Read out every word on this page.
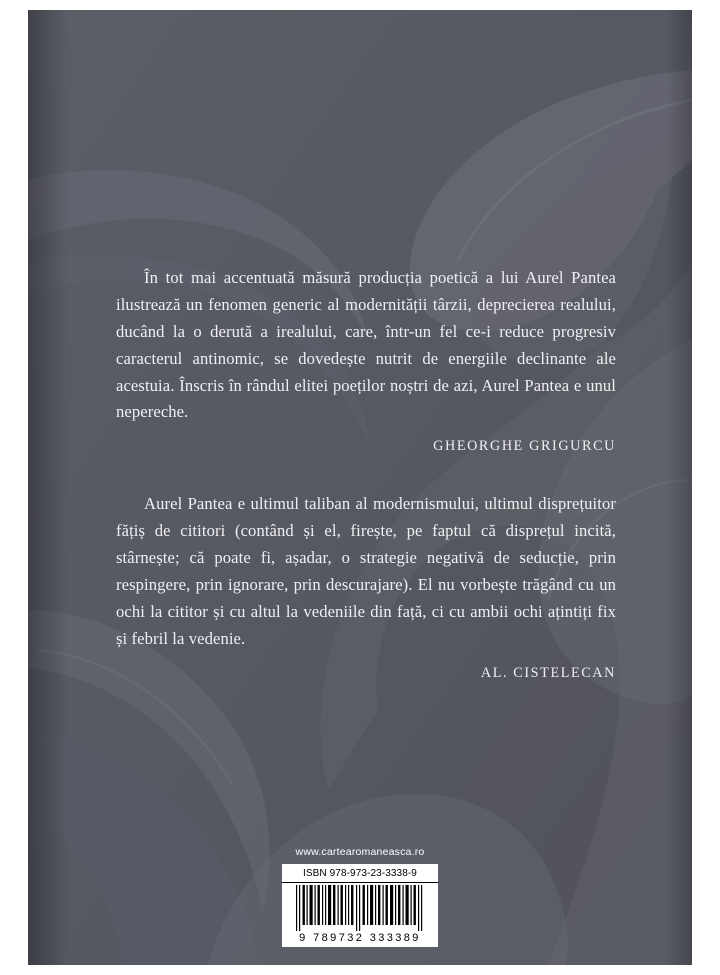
În tot mai accentuată măsură producția poetică a lui Aurel Pantea ilustrează un fenomen generic al modernității târzii, deprecierea realului, ducând la o derută a irealului, care, într-un fel ce-i reduce progresiv caracterul antinomic, se dovedește nutrit de energiile declinante ale acestuia. Înscris în rândul elitei poeților noștri de azi, Aurel Pantea e unul nepereche.

GHEORGHE GRIGURCU

Aurel Pantea e ultimul taliban al modernismului, ultimul disprețuitor fățiș de cititori (contând și el, firește, pe faptul că disprețul incită, stârnește; că poate fi, așadar, o strategie negativă de seducție, prin respingere, prin ignorare, prin descurajare). El nu vorbește trăgând cu un ochi la cititor și cu altul la vedeniile din față, ci cu ambii ochi ațintiți fix și febril la vedenie.

AL. CISTELECAN

www.cartearomaneasca.ro
ISBN 978-973-23-3338-9
9 789732 333389
